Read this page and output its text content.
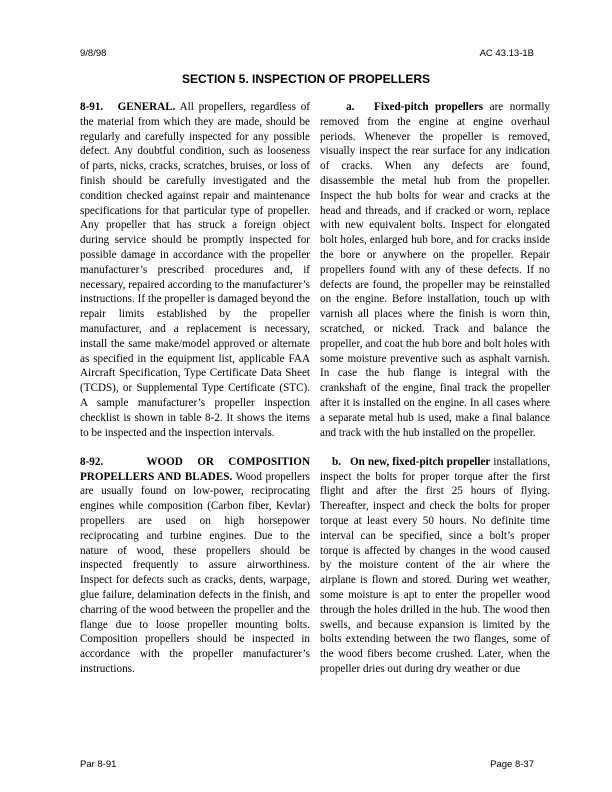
9/8/98	AC 43.13-1B
SECTION 5. INSPECTION OF PROPELLERS

8-91. GENERAL. All propellers, regardless of the material from which they are made, should be regularly and carefully inspected for any possible defect. Any doubtful condition, such as looseness of parts, nicks, cracks, scratches, bruises, or loss of finish should be carefully investigated and the condition checked against repair and maintenance specifications for that particular type of propeller. Any propeller that has struck a foreign object during service should be promptly inspected for possible damage in accordance with the propeller manufacturer’s prescribed procedures and, if necessary, repaired according to the manufacturer’s instructions. If the propeller is damaged beyond the repair limits established by the propeller manufacturer, and a replacement is necessary, install the same make/model approved or alternate as specified in the equipment list, applicable FAA Aircraft Specification, Type Certificate Data Sheet (TCDS), or Supplemental Type Certificate (STC). A sample manufacturer’s propeller inspection checklist is shown in table 8-2. It shows the items to be inspected and the inspection intervals.

8-92.	WOOD OR COMPOSITION PROPELLERS AND BLADES. Wood propellers are usually found on low-power, reciprocating engines while composition (Carbon fiber, Kevlar) propellers are used on high horsepower reciprocating and turbine engines. Due to the nature of wood, these propellers should be inspected frequently to assure airworthiness. Inspect for defects such as cracks, dents, warpage, glue failure, delamination defects in the finish, and charring of the wood between the propeller and the flange due to loose propeller mounting bolts. Composition propellers should be inspected in accordance with the propeller manufacturer’s instructions.

a. Fixed-pitch propellers are normally removed from the engine at engine overhaul periods. Whenever the propeller is removed, visually inspect the rear surface for any indication of cracks. When any defects are found, disassemble the metal hub from the propeller. Inspect the hub bolts for wear and cracks at the head and threads, and if cracked or worn, replace with new equivalent bolts. Inspect for elongated bolt holes, enlarged hub bore, and for cracks inside the bore or anywhere on the propeller. Repair propellers found with any of these defects. If no defects are found, the propeller may be reinstalled on the engine. Before installation, touch up with varnish all places where the finish is worn thin, scratched, or nicked. Track and balance the propeller, and coat the hub bore and bolt holes with some moisture preventive such as asphalt varnish. In case the hub flange is integral with the crankshaft of the engine, final track the propeller after it is installed on the engine. In all cases where a separate metal hub is used, make a final balance and track with the hub installed on the propeller.

b. On new, fixed-pitch propeller installations, inspect the bolts for proper torque after the first flight and after the first 25 hours of flying. Thereafter, inspect and check the bolts for proper torque at least every 50 hours. No definite time interval can be specified, since a bolt’s proper torque is affected by changes in the wood caused by the moisture content of the air where the airplane is flown and stored. During wet weather, some moisture is apt to enter the propeller wood through the holes drilled in the hub. The wood then swells, and because expansion is limited by the bolts extending between the two flanges, some of the wood fibers become crushed. Later, when the propeller dries out during dry weather or due

Par 8-91	Page 8-37
